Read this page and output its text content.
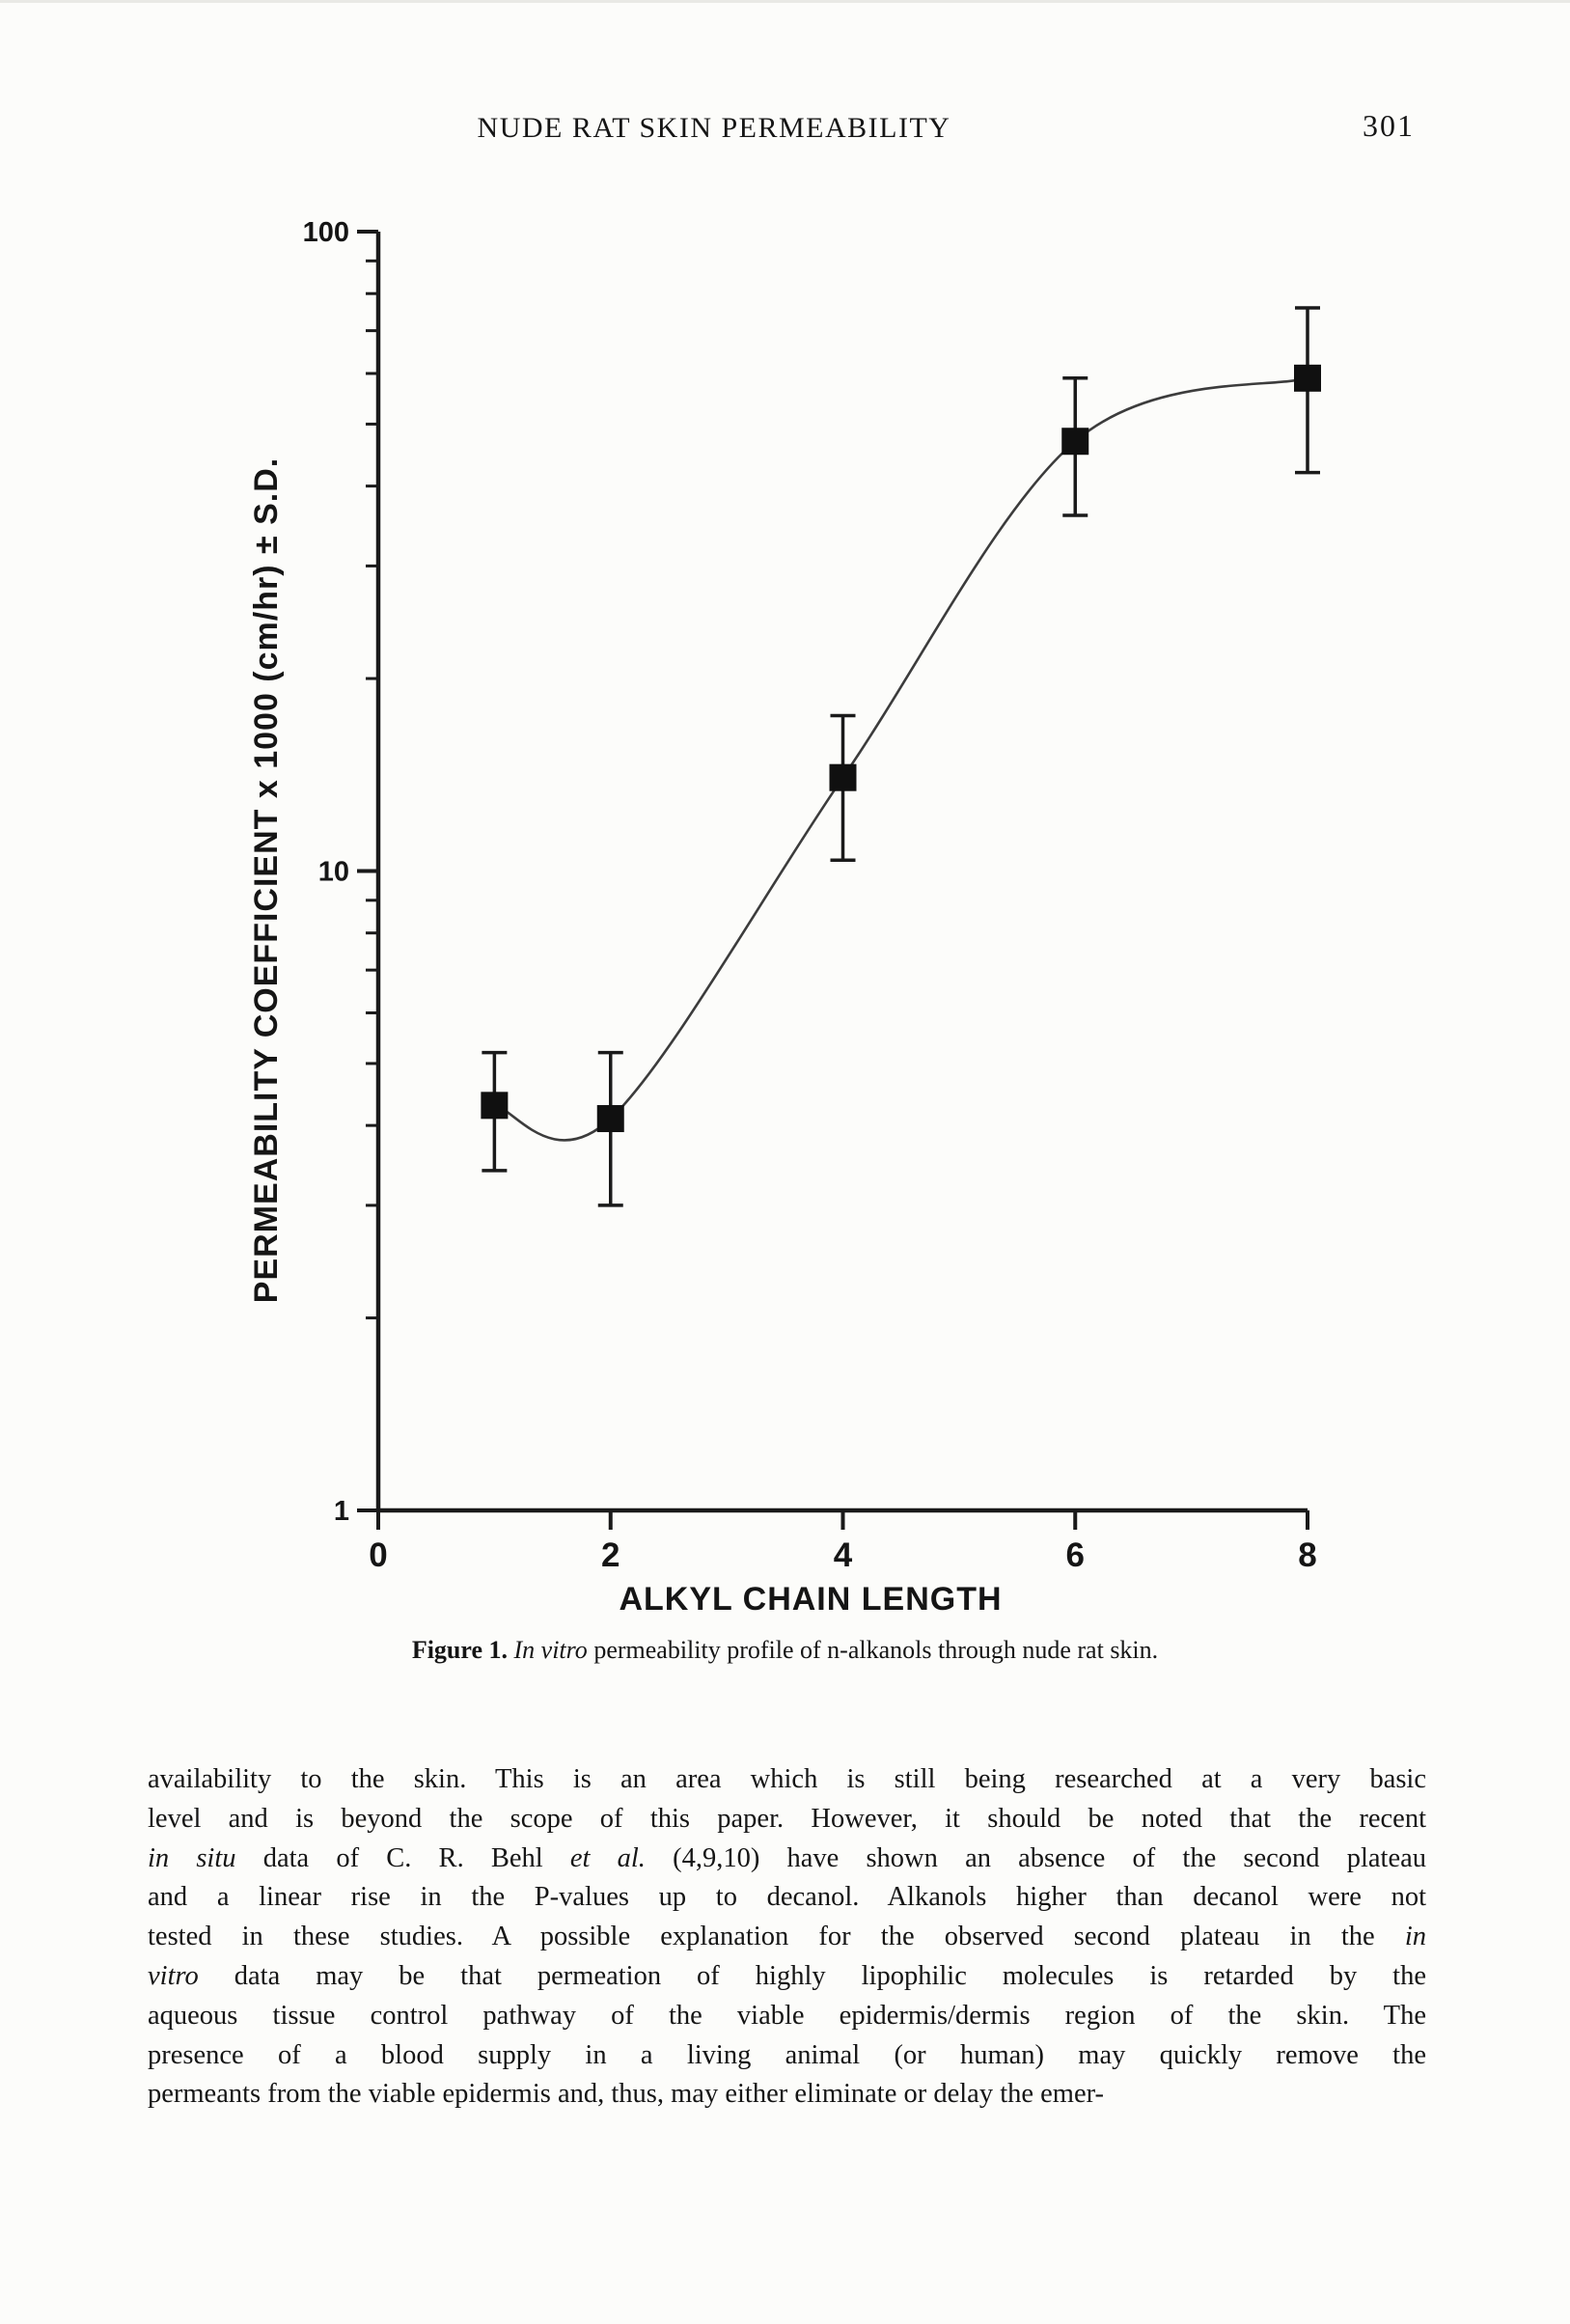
NUDE RAT SKIN PERMEABILITY	301
1
10
100
0	2	4	6	8
ALKYL CHAIN LENGTH
PERMEABILITY COEFFICIENT x 1000 (cm/hr) ± S.D.
Figure 1. In vitro permeability profile of n-alkanols through nude rat skin.
availability to the skin. This is an area which is still being researched at a very basic
level and is beyond the scope of this paper. However, it should be noted that the recent
in situ data of C. R. Behl et al. (4,9,10) have shown an absence of the second plateau
and a linear rise in the P-values up to decanol. Alkanols higher than decanol were not
tested in these studies. A possible explanation for the observed second plateau in the in
vitro data may be that permeation of highly lipophilic molecules is retarded by the
aqueous tissue control pathway of the viable epidermis/dermis region of the skin. The
presence of a blood supply in a living animal (or human) may quickly remove the
permeants from the viable epidermis and, thus, may either eliminate or delay the emer-
